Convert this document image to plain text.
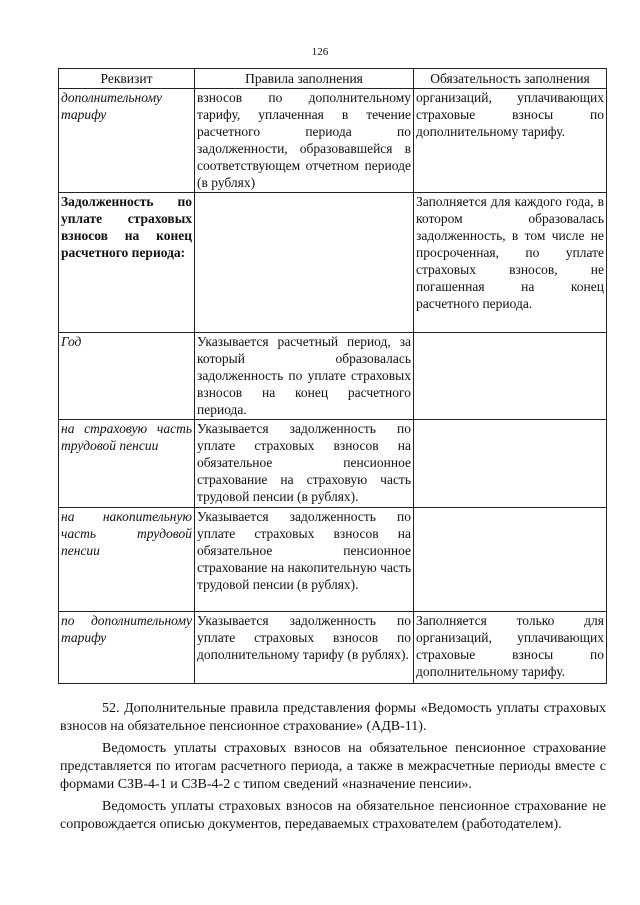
126
Реквизит	Правила заполнения	Обязательность заполнения
дополнительному тарифу	взносов по дополнительному тарифу, уплаченная в течение расчетного периода по задолженности, образовавшейся в соответствующем отчетном периоде (в рублях)	организаций, уплачивающих страховые взносы по дополнительному тарифу.
Задолженность по уплате страховых взносов на конец расчетного периода:		Заполняется для каждого года, в котором образовалась задолженность, в том числе не просроченная, по уплате страховых взносов, не погашенная на конец расчетного периода.
Год	Указывается расчетный период, за который образовалась задолженность по уплате страховых взносов на конец расчетного периода.	
на страховую часть трудовой пенсии	Указывается задолженность по уплате страховых взносов на обязательное пенсионное страхование на страховую часть трудовой пенсии (в рублях).	
на накопительную часть трудовой пенсии	Указывается задолженность по уплате страховых взносов на обязательное пенсионное страхование на накопительную часть трудовой пенсии (в рублях).	
по дополнительному тарифу	Указывается задолженность по уплате страховых взносов по дополнительному тарифу (в рублях).	Заполняется только для организаций, уплачивающих страховые взносы по дополнительному тарифу.

52. Дополнительные правила представления формы «Ведомость уплаты страховых взносов на обязательное пенсионное страхование» (АДВ-11).

Ведомость уплаты страховых взносов на обязательное пенсионное страхование представляется по итогам расчетного периода, а также в межрасчетные периоды вместе с формами СЗВ-4-1 и СЗВ-4-2 с типом сведений «назначение пенсии».

Ведомость уплаты страховых взносов на обязательное пенсионное страхование не сопровождается описью документов, передаваемых страхователем (работодателем).
